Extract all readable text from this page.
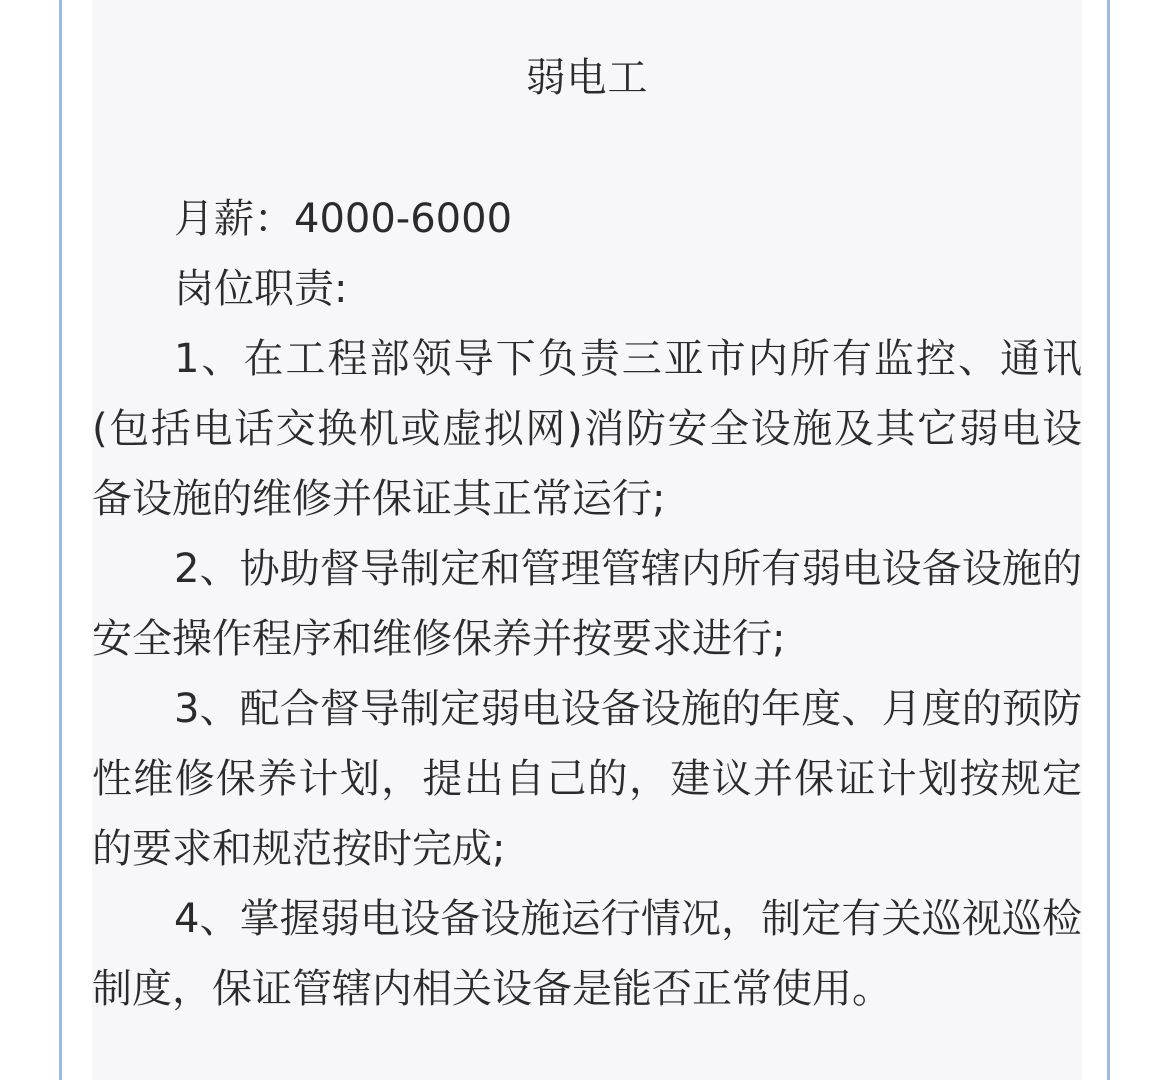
弱电工

月薪：4000-6000

岗位职责:

1、在工程部领导下负责三亚市内所有监控、通讯(包括电话交换机或虚拟网)消防安全设施及其它弱电设备设施的维修并保证其正常运行;

2、协助督导制定和管理管辖内所有弱电设备设施的安全操作程序和维修保养并按要求进行;

3、配合督导制定弱电设备设施的年度、月度的预防性维修保养计划，提出自己的，建议并保证计划按规定的要求和规范按时完成;

4、掌握弱电设备设施运行情况，制定有关巡视巡检制度，保证管辖内相关设备是能否正常使用。
